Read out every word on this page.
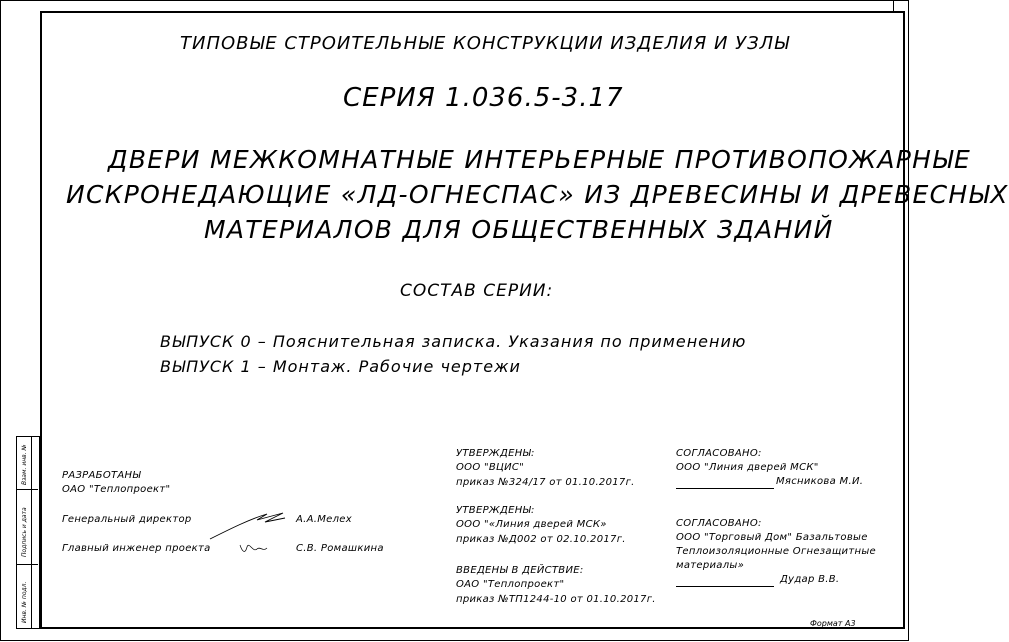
Взам. инв. №
Подпись и дата
Инв. № подл.
ТИПОВЫЕ СТРОИТЕЛЬНЫЕ КОНСТРУКЦИИ ИЗДЕЛИЯ И УЗЛЫ
СЕРИЯ 1.036.5-3.17
ДВЕРИ МЕЖКОМНАТНЫЕ ИНТЕРЬЕРНЫЕ ПРОТИВОПОЖАРНЫЕ
ИСКРОНЕДАЮЩИЕ «ЛД-ОГНЕСПАС» ИЗ ДРЕВЕСИНЫ И ДРЕВЕСНЫХ
МАТЕРИАЛОВ ДЛЯ ОБЩЕСТВЕННЫХ ЗДАНИЙ
СОСТАВ СЕРИИ:
ВЫПУСК 0 – Пояснительная записка. Указания по применению
ВЫПУСК 1 – Монтаж. Рабочие чертежи
РАЗРАБОТАНЫ
ОАО "Теплопроект"
Генеральный директор	А.А.Мелех
Главный инженер проекта	С.В. Ромашкина
УТВЕРЖДЕНЫ:
ООО "ВЦИС"
приказ №324/17 от 01.10.2017г.
УТВЕРЖДЕНЫ:
ООО "«Линия дверей МСК»
приказ №Д002 от 02.10.2017г.
ВВЕДЕНЫ В ДЕЙСТВИЕ:
ОАО "Теплопроект"
приказ №ТП1244-10 от 01.10.2017г.
СОГЛАСОВАНО:
ООО "Линия дверей МСК"
Мясникова М.И.
СОГЛАСОВАНО:
ООО "Торговый Дом" Базальтовые
Теплоизоляционные Огнезащитные
материалы»
Дудар В.В.
Формат А3
